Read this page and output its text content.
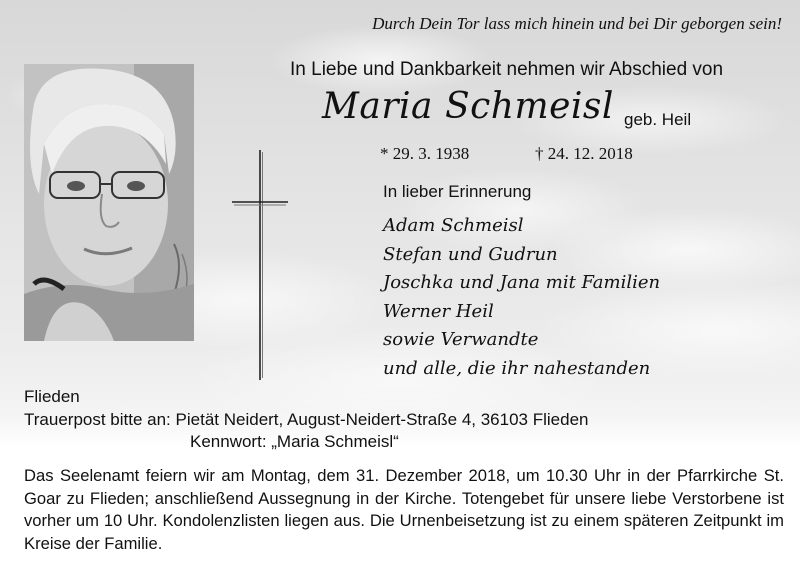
Durch Dein Tor lass mich hinein und bei Dir geborgen sein!
In Liebe und Dankbarkeit nehmen wir Abschied von
Maria Schmeisl geb. Heil
* 29. 3. 1938	† 24. 12. 2018
In lieber Erinnerung
Adam Schmeisl
Stefan und Gudrun
Joschka und Jana mit Familien
Werner Heil
sowie Verwandte
und alle, die ihr nahestanden
Flieden
Trauerpost bitte an: Pietät Neidert, August-Neidert-Straße 4, 36103 Flieden
Kennwort: „Maria Schmeisl“

Das Seelenamt feiern wir am Montag, dem 31. Dezember 2018, um 10.30 Uhr in der Pfarrkirche St. Goar zu Flieden; anschließend Aussegnung in der Kirche. Totengebet für unsere liebe Verstorbene ist vorher um 10 Uhr. Kondolenzlisten liegen aus. Die Urnenbeisetzung ist zu einem späteren Zeitpunkt im Kreise der Familie.
